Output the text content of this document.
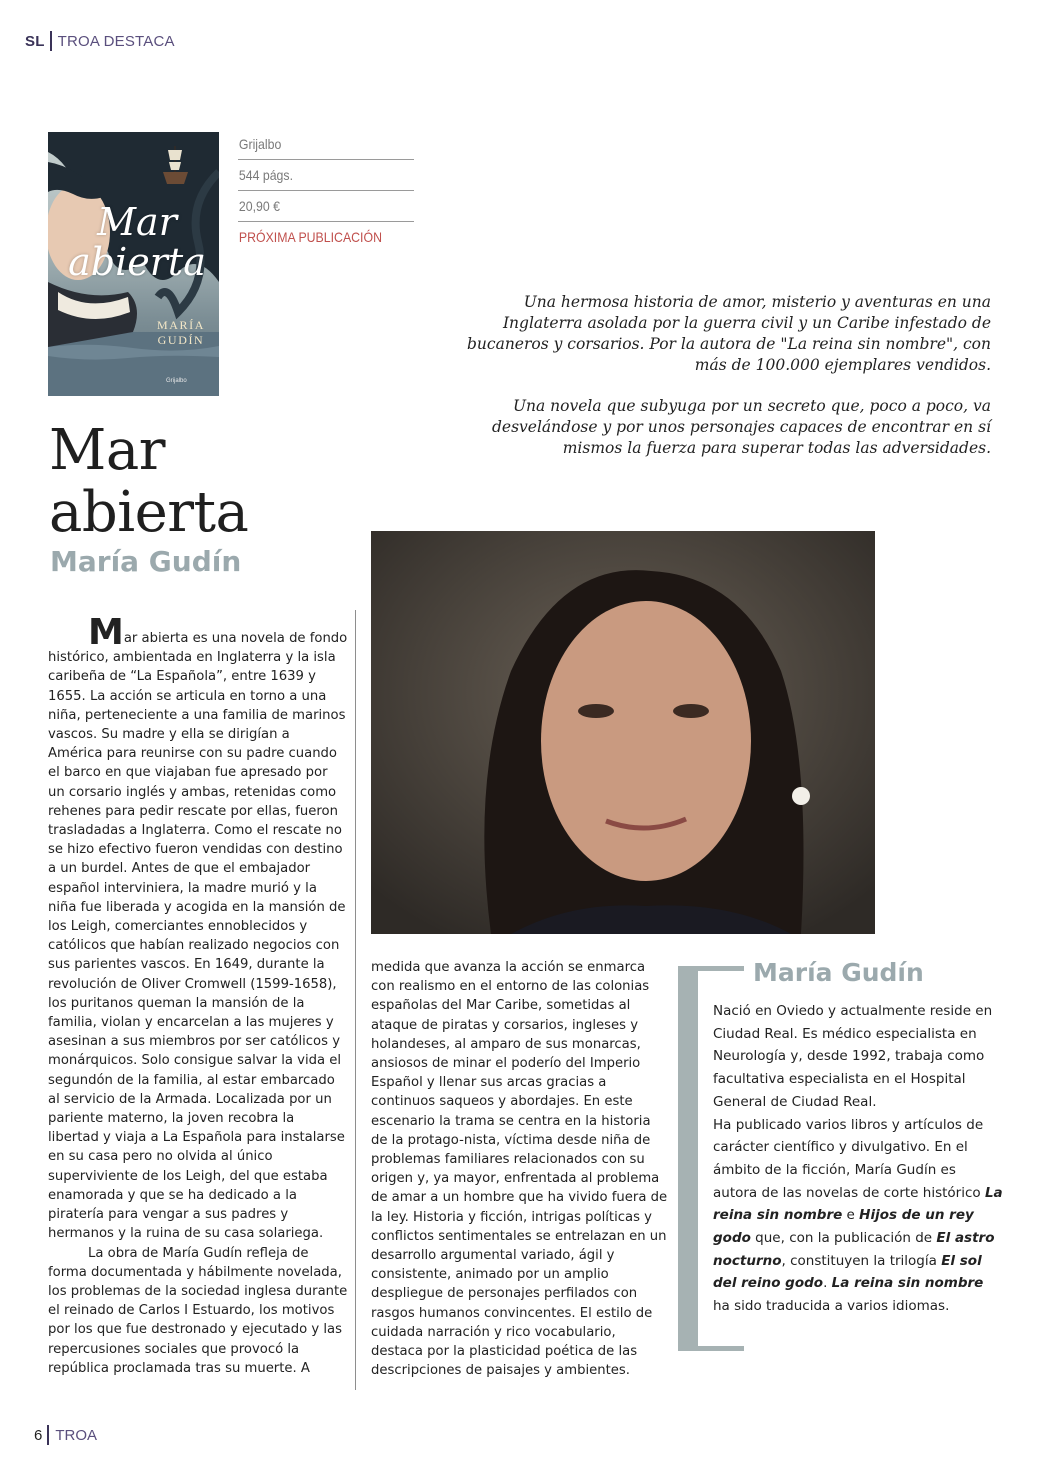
SL TROA DESTACA
Mar
abierta
MARÍA
GUDÍN
Grijalbo
Grijalbo
544 págs.
20,90 €
PRÓXIMA PUBLICACIÓN

Una hermosa historia de amor, misterio y aventuras en una Inglaterra asolada por la guerra civil y un Caribe infestado de bucaneros y corsarios. Por la autora de "La reina sin nombre", con más de 100.000 ejemplares vendidos.

Una novela que subyuga por un secreto que, poco a poco, va desvelándose y por unos personajes capaces de encontrar en sí mismos la fuerza para superar todas las adversidades.

Mar
abierta
María Gudín

Mar abierta es una novela de fondo histórico, ambientada en Inglaterra y la isla caribeña de “La Española”, entre 1639 y 1655. La acción se articula en torno a una niña, perteneciente a una familia de marinos vascos. Su madre y ella se dirigían a América para reunirse con su padre cuando el barco en que viajaban fue apresado por un corsario inglés y ambas, retenidas como rehenes para pedir rescate por ellas, fueron trasladadas a Inglaterra. Como el rescate no se hizo efectivo fueron vendidas con destino a un burdel. Antes de que el embajador español interviniera, la madre murió y la niña fue liberada y acogida en la mansión de los Leigh, comerciantes ennoblecidos y católicos que habían realizado negocios con sus parientes vascos. En 1649, durante la revolución de Oliver Cromwell (1599-1658), los puritanos queman la mansión de la familia, violan y encarcelan a las mujeres y asesinan a sus miembros por ser católicos y monárquicos. Solo consigue salvar la vida el segundón de la familia, al estar embarcado al servicio de la Armada. Localizada por un pariente materno, la joven recobra la libertad y viaja a La Española para instalarse en su casa pero no olvida al único superviviente de los Leigh, del que estaba enamorada y que se ha dedicado a la piratería para vengar a sus padres y hermanos y la ruina de su casa solariega.

La obra de María Gudín refleja de forma documentada y hábilmente novelada, los problemas de la sociedad inglesa durante el reinado de Carlos I Estuardo, los motivos por los que fue destronado y ejecutado y las repercusiones sociales que provocó la república proclamada tras su muerte. A

medida que avanza la acción se enmarca con realismo en el entorno de las colonias españolas del Mar Caribe, sometidas al ataque de piratas y corsarios, ingleses y holandeses, al amparo de sus monarcas, ansiosos de minar el poderío del Imperio Español y llenar sus arcas gracias a continuos saqueos y abordajes. En este escenario la trama se centra en la historia de la protago-nista, víctima desde niña de problemas familiares relacionados con su origen y, ya mayor, enfrentada al problema de amar a un hombre que ha vivido fuera de la ley. Historia y ficción, intrigas políticas y conflictos sentimentales se entrelazan en un desarrollo argumental variado, ágil y consistente, animado por un amplio despliegue de personajes perfilados con rasgos humanos convincentes. El estilo de cuidada narración y rico vocabulario, destaca por la plasticidad poética de las descripciones de paisajes y ambientes.

María Gudín

Nació en Oviedo y actualmente reside en Ciudad Real. Es médico especialista en Neurología y, desde 1992, trabaja como facultativa especialista en el Hospital General de Ciudad Real.

Ha publicado varios libros y artículos de carácter científico y divulgativo. En el ámbito de la ficción, María Gudín es autora de las novelas de corte histórico La reina sin nombre e Hijos de un rey godo que, con la publicación de El astro nocturno, constituyen la trilogía El sol del reino godo. La reina sin nombre ha sido traducida a varios idiomas.

6 TROA
